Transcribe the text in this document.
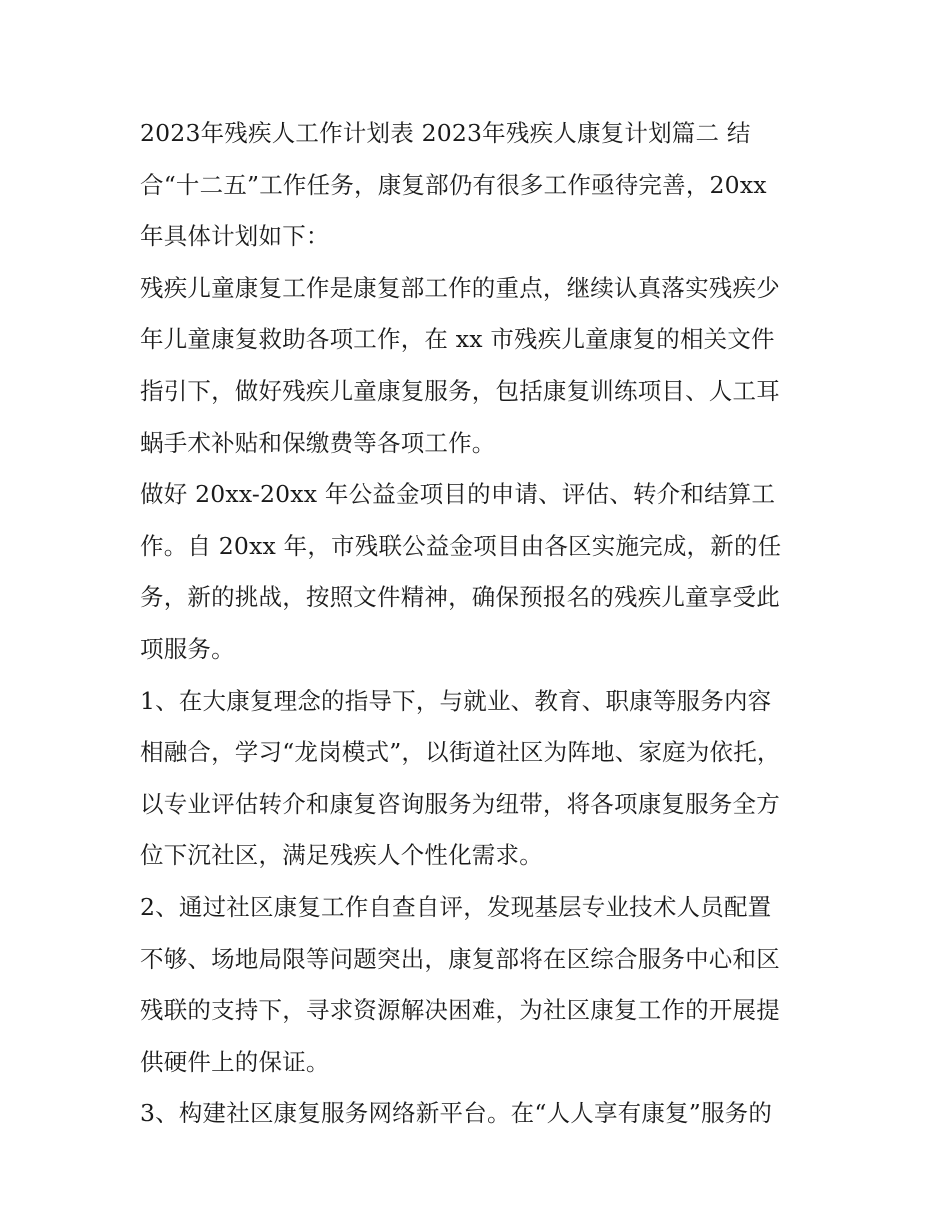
2023年残疾人工作计划表 2023年残疾人康复计划篇二 结
合“十二五”工作任务，康复部仍有很多工作亟待完善，20xx
年具体计划如下：
残疾儿童康复工作是康复部工作的重点，继续认真落实残疾少
年儿童康复救助各项工作，在 xx 市残疾儿童康复的相关文件
指引下，做好残疾儿童康复服务，包括康复训练项目、人工耳
蜗手术补贴和保缴费等各项工作。
做好 20xx-20xx 年公益金项目的申请、评估、转介和结算工
作。自 20xx 年，市残联公益金项目由各区实施完成，新的任
务，新的挑战，按照文件精神，确保预报名的残疾儿童享受此
项服务。
1、在大康复理念的指导下，与就业、教育、职康等服务内容
相融合，学习“龙岗模式”，以街道社区为阵地、家庭为依托，
以专业评估转介和康复咨询服务为纽带，将各项康复服务全方
位下沉社区，满足残疾人个性化需求。
2、通过社区康复工作自查自评，发现基层专业技术人员配置
不够、场地局限等问题突出，康复部将在区综合服务中心和区
残联的支持下，寻求资源解决困难，为社区康复工作的开展提
供硬件上的保证。
3、构建社区康复服务网络新平台。在“人人享有康复”服务的
